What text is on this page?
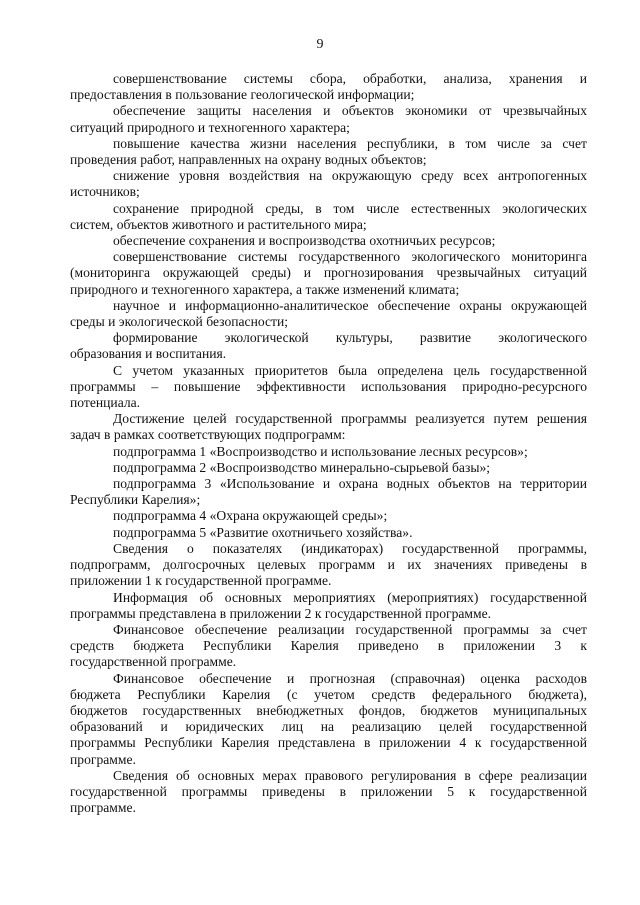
9
совершенствование системы сбора, обработки, анализа, хранения и
предоставления в пользование геологической информации;
обеспечение защиты населения и объектов экономики от чрезвычайных
ситуаций природного и техногенного характера;
повышение качества жизни населения республики, в том числе за счет
проведения работ, направленных на охрану водных объектов;
снижение уровня воздействия на окружающую среду всех антропогенных
источников;
сохранение природной среды, в том числе естественных экологических
систем, объектов животного и растительного мира;
обеспечение сохранения и воспроизводства охотничьих ресурсов;
совершенствование системы государственного экологического мониторинга
(мониторинга окружающей среды) и прогнозирования чрезвычайных ситуаций
природного и техногенного характера, а также изменений климата;
научное и информационно-аналитическое обеспечение охраны окружающей
среды и экологической безопасности;
формирование экологической культуры, развитие экологического
образования и воспитания.
С учетом указанных приоритетов была определена цель государственной
программы – повышение эффективности использования природно-ресурсного
потенциала.
Достижение целей государственной программы реализуется путем решения
задач в рамках соответствующих подпрограмм:
подпрограмма 1 «Воспроизводство и использование лесных ресурсов»;
подпрограмма 2 «Воспроизводство минерально-сырьевой базы»;
подпрограмма 3 «Использование и охрана водных объектов на территории
Республики Карелия»;
подпрограмма 4 «Охрана окружающей среды»;
подпрограмма 5 «Развитие охотничьего хозяйства».
Сведения о показателях (индикаторах) государственной программы,
подпрограмм, долгосрочных целевых программ и их значениях приведены в
приложении 1 к государственной программе.
Информация об основных мероприятиях (мероприятиях) государственной
программы представлена в приложении 2 к государственной программе.
Финансовое обеспечение реализации государственной программы за счет
средств бюджета Республики Карелия приведено в приложении 3 к
государственной программе.
Финансовое обеспечение и прогнозная (справочная) оценка расходов
бюджета Республики Карелия (с учетом средств федерального бюджета),
бюджетов государственных внебюджетных фондов, бюджетов муниципальных
образований и юридических лиц на реализацию целей государственной
программы Республики Карелия представлена в приложении 4 к государственной
программе.
Сведения об основных мерах правового регулирования в сфере реализации
государственной программы приведены в приложении 5 к государственной
программе.
